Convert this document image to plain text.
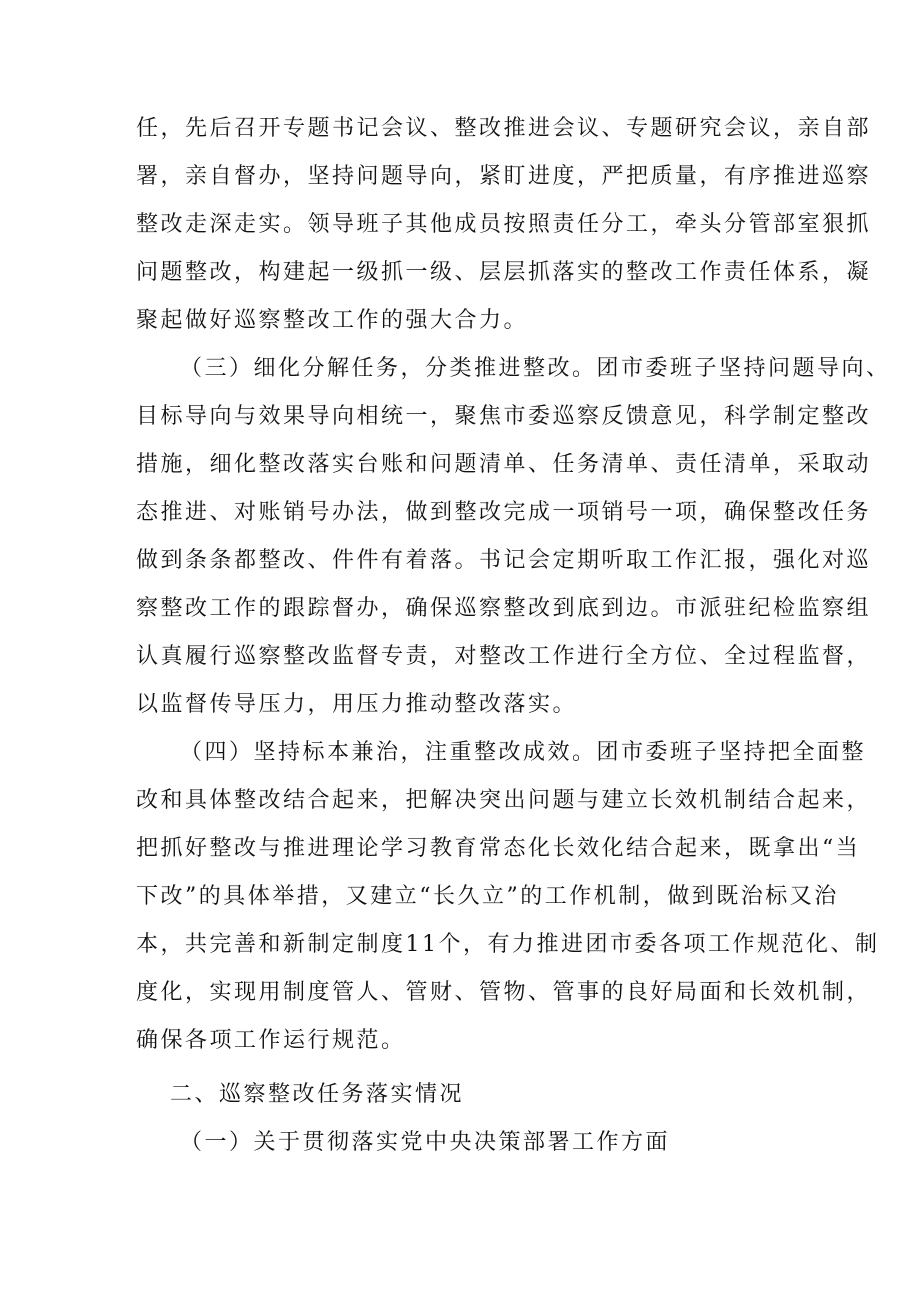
任，先后召开专题书记会议、整改推进会议、专题研究会议，亲自部
署，亲自督办，坚持问题导向，紧盯进度，严把质量，有序推进巡察
整改走深走实。领导班子其他成员按照责任分工，牵头分管部室狠抓
问题整改，构建起一级抓一级、层层抓落实的整改工作责任体系，凝
聚起做好巡察整改工作的强大合力。
（三）细化分解任务，分类推进整改。团市委班子坚持问题导向、
目标导向与效果导向相统一，聚焦市委巡察反馈意见，科学制定整改
措施，细化整改落实台账和问题清单、任务清单、责任清单，采取动
态推进、对账销号办法，做到整改完成一项销号一项，确保整改任务
做到条条都整改、件件有着落。书记会定期听取工作汇报，强化对巡
察整改工作的跟踪督办，确保巡察整改到底到边。市派驻纪检监察组
认真履行巡察整改监督专责，对整改工作进行全方位、全过程监督，
以监督传导压力，用压力推动整改落实。
（四）坚持标本兼治，注重整改成效。团市委班子坚持把全面整
改和具体整改结合起来，把解决突出问题与建立长效机制结合起来，
把抓好整改与推进理论学习教育常态化长效化结合起来，既拿出“当
下改”的具体举措，又建立“长久立”的工作机制，做到既治标又治
本，共完善和新制定制度11个，有力推进团市委各项工作规范化、制
度化，实现用制度管人、管财、管物、管事的良好局面和长效机制，
确保各项工作运行规范。
二、巡察整改任务落实情况
（一）关于贯彻落实党中央决策部署工作方面
